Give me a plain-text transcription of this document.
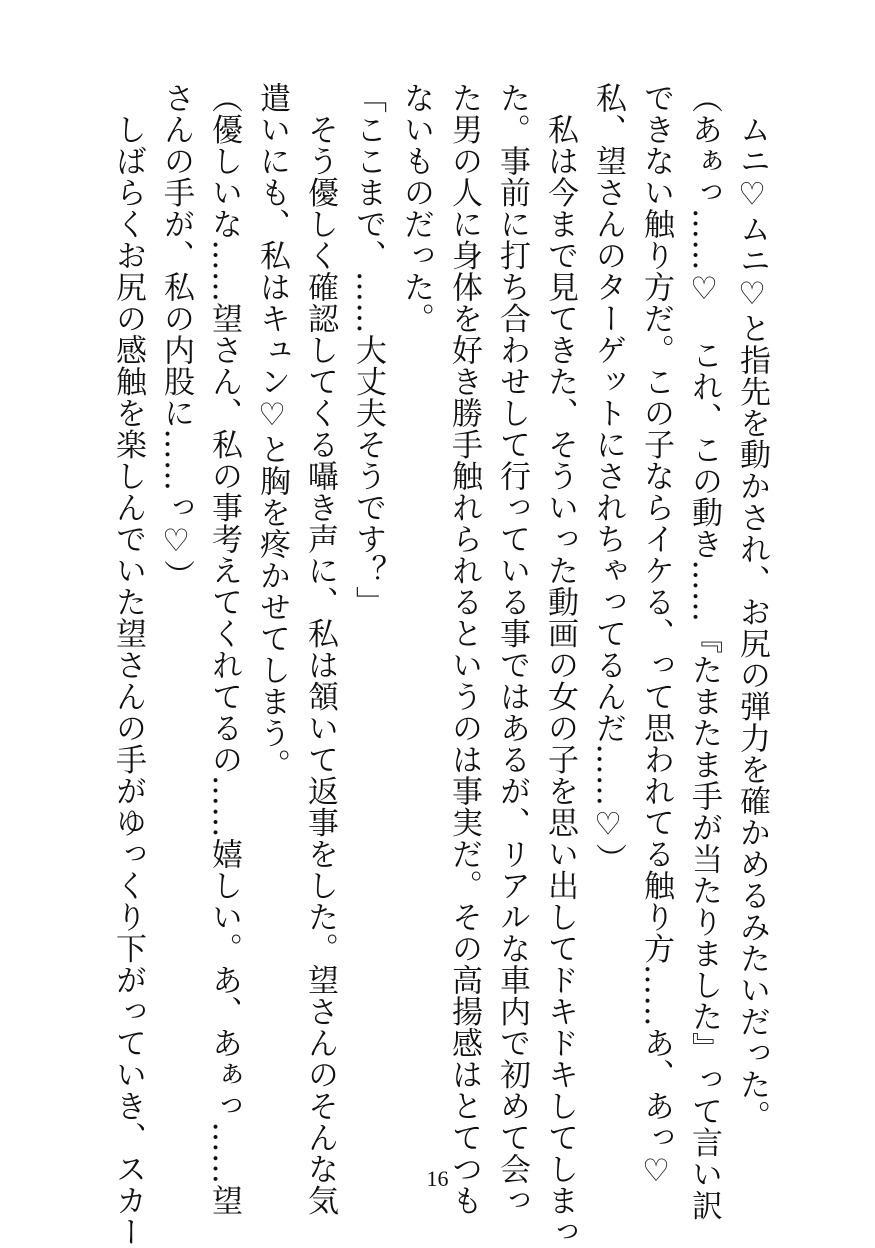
　ムニ♡ムニ♡と指先を動かされ、お尻の弾力を確かめるみたいだった。
（あぁっ……♡　これ、この動き……『たまたま手が当たりました』って言い訳
できない触り方だ。この子ならイケる、って思われてる触り方……あ、あっ♡
私、望さんのターゲットにされちゃってるんだ……♡）
　私は今まで見てきた、そういった動画の女の子を思い出してドキドキしてしまっ
た。事前に打ち合わせして行っている事ではあるが、リアルな車内で初めて会っ
た男の人に身体を好き勝手触れられるというのは事実だ。その高揚感はとてつも
ないものだった。
「ここまで、……大丈夫そうです？」
　そう優しく確認してくる囁き声に、私は頷いて返事をした。望さんのそんな気
遣いにも、私はキュン♡と胸を疼かせてしまう。
（優しいな……望さん、私の事考えてくれてるの……嬉しい。あ、あぁっ……望
さんの手が、私の内股に……っ♡）
　しばらくお尻の感触を楽しんでいた望さんの手がゆっくり下がっていき、スカー	16
